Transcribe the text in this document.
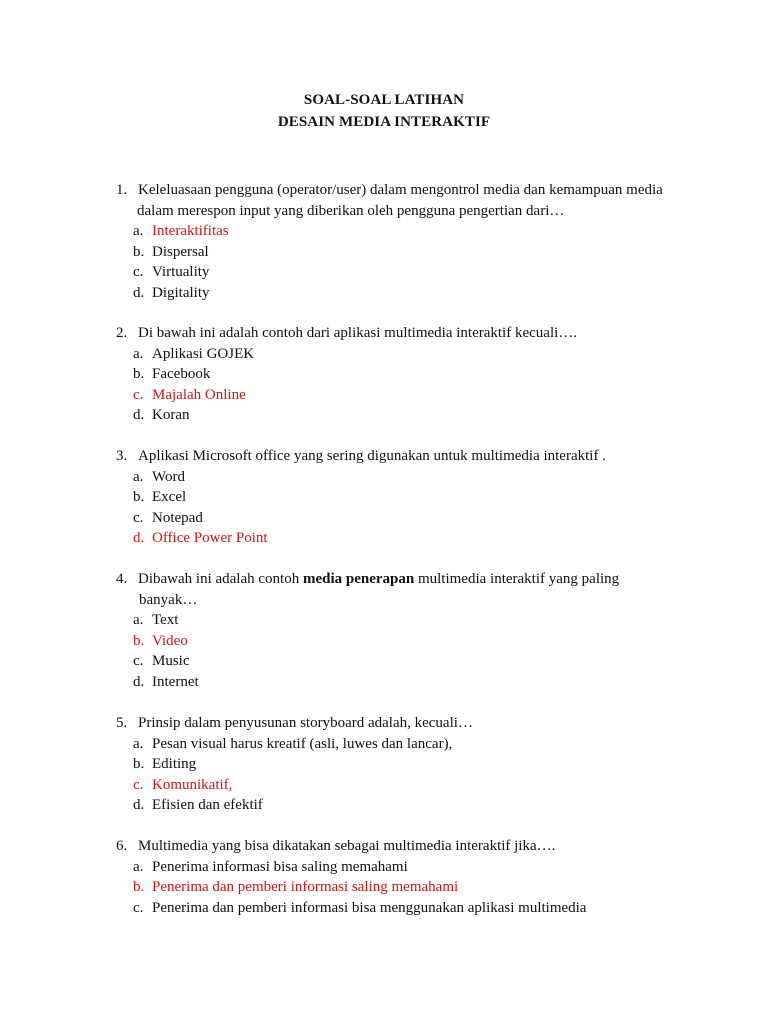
SOAL-SOAL LATIHAN
DESAIN MEDIA INTERAKTIF
1. Keleluasaan pengguna (operator/user) dalam mengontrol media dan kemampuan media
dalam merespon input yang diberikan oleh pengguna pengertian dari…
a. Interaktifitas
b. Dispersal
c. Virtuality
d. Digitality
2. Di bawah ini adalah contoh dari aplikasi multimedia interaktif kecuali….
a. Aplikasi GOJEK
b. Facebook
c. Majalah Online
d. Koran
3. Aplikasi Microsoft office yang sering digunakan untuk multimedia interaktif .
a. Word
b. Excel
c. Notepad
d. Office Power Point
4. Dibawah ini adalah contoh media penerapan multimedia interaktif yang paling
banyak…
a. Text
b. Video
c. Music
d. Internet
5. Prinsip dalam penyusunan storyboard adalah, kecuali…
a. Pesan visual harus kreatif (asli, luwes dan lancar),
b. Editing
c. Komunikatif,
d. Efisien dan efektif
6. Multimedia yang bisa dikatakan sebagai multimedia interaktif jika….
a. Penerima informasi bisa saling memahami
b. Penerima dan pemberi informasi saling memahami
c. Penerima dan pemberi informasi bisa menggunakan aplikasi multimedia
